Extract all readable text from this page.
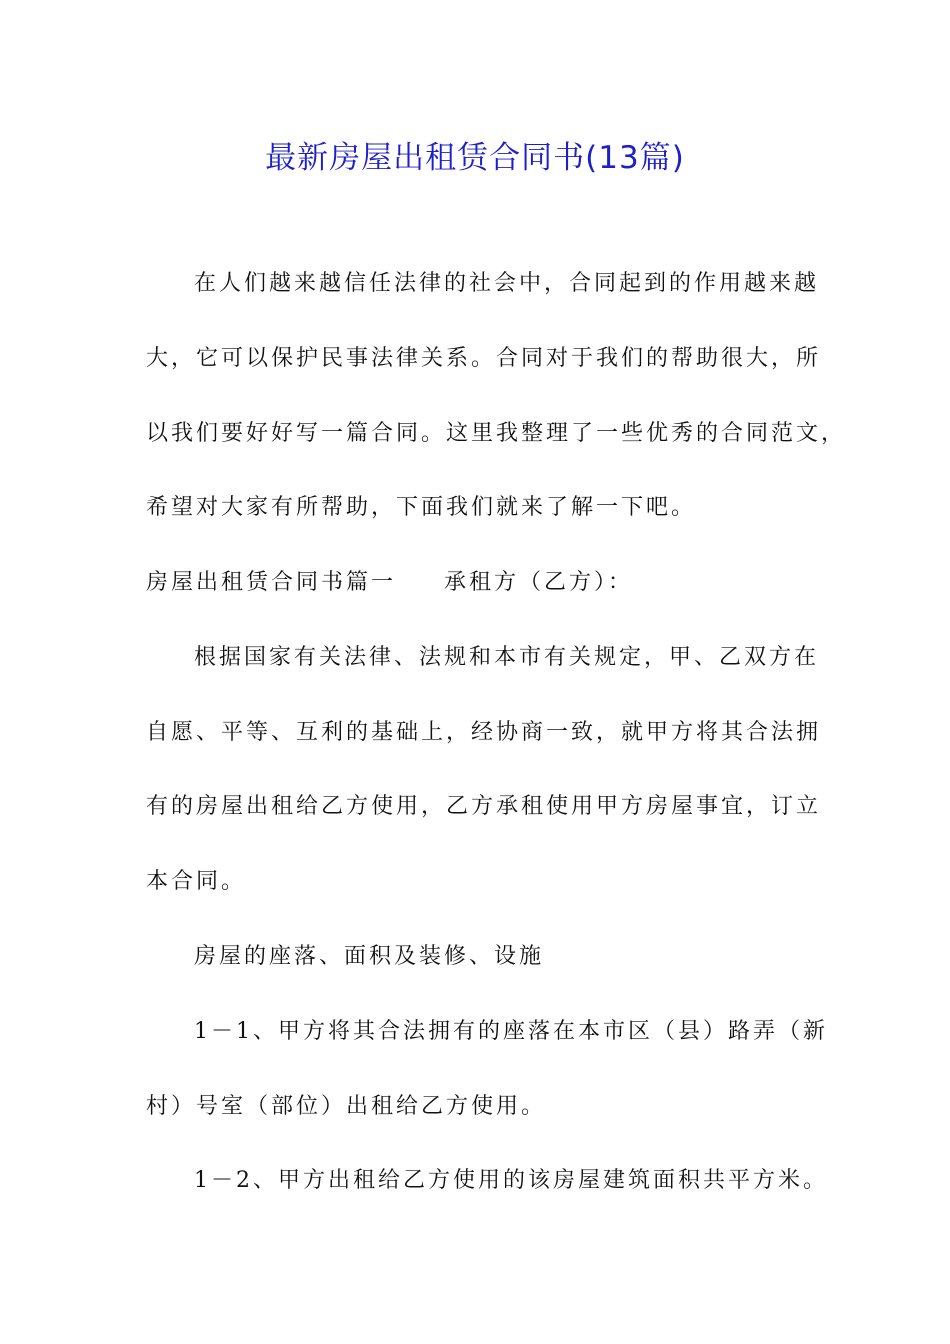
最新房屋出租赁合同书(13篇)
在人们越来越信任法律的社会中，合同起到的作用越来越
大，它可以保护民事法律关系。合同对于我们的帮助很大，所
以我们要好好写一篇合同。这里我整理了一些优秀的合同范文，
希望对大家有所帮助，下面我们就来了解一下吧。
房屋出租赁合同书篇一 承租方（乙方）：
根据国家有关法律、法规和本市有关规定，甲、乙双方在
自愿、平等、互利的基础上，经协商一致，就甲方将其合法拥
有的房屋出租给乙方使用，乙方承租使用甲方房屋事宜，订立
本合同。
房屋的座落、面积及装修、设施
1－1、甲方将其合法拥有的座落在本市区（县）路弄（新
村）号室（部位）出租给乙方使用。
1－2、甲方出租给乙方使用的该房屋建筑面积共平方米。
